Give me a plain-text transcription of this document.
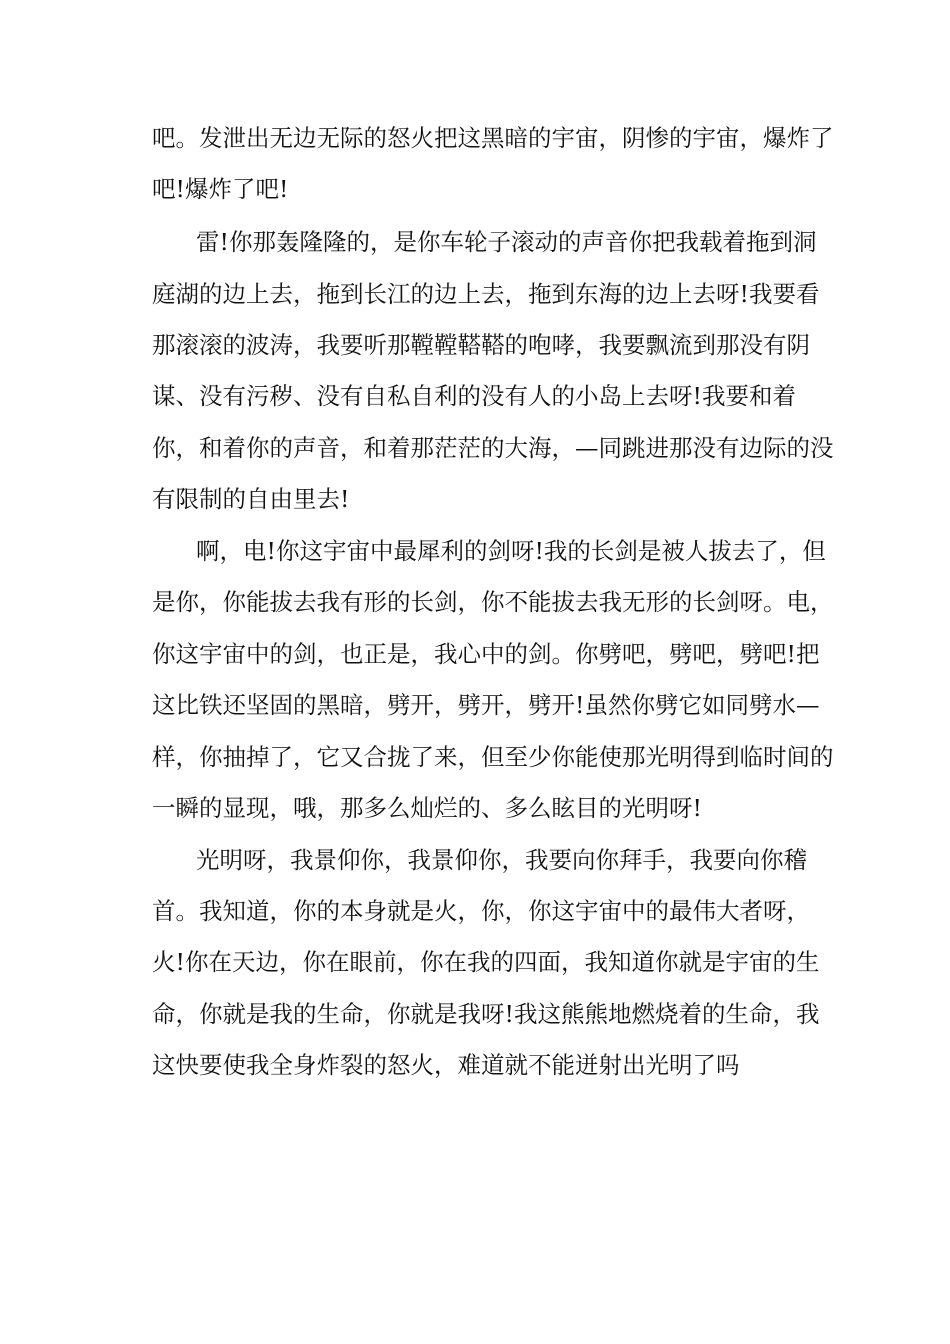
吧。发泄出无边无际的怒火把这黑暗的宇宙，阴惨的宇宙，爆炸了
吧!爆炸了吧!
雷!你那轰隆隆的，是你车轮子滚动的声音你把我载着拖到洞
庭湖的边上去，拖到长江的边上去，拖到东海的边上去呀!我要看
那滚滚的波涛，我要听那鞺鞺鞳鞳的咆哮，我要飘流到那没有阴
谋、没有污秽、没有自私自利的没有人的小岛上去呀!我要和着
你，和着你的声音，和着那茫茫的大海，—同跳进那没有边际的没
有限制的自由里去!
啊，电!你这宇宙中最犀利的剑呀!我的长剑是被人拔去了，但
是你，你能拔去我有形的长剑，你不能拔去我无形的长剑呀。电，
你这宇宙中的剑，也正是，我心中的剑。你劈吧，劈吧，劈吧!把
这比铁还坚固的黑暗，劈开，劈开，劈开!虽然你劈它如同劈水—
样，你抽掉了，它又合拢了来，但至少你能使那光明得到临时间的
一瞬的显现，哦，那多么灿烂的、多么眩目的光明呀!
光明呀，我景仰你，我景仰你，我要向你拜手，我要向你稽
首。我知道，你的本身就是火，你，你这宇宙中的最伟大者呀，
火!你在天边，你在眼前，你在我的四面，我知道你就是宇宙的生
命，你就是我的生命，你就是我呀!我这熊熊地燃烧着的生命，我
这快要使我全身炸裂的怒火，难道就不能迸射出光明了吗
